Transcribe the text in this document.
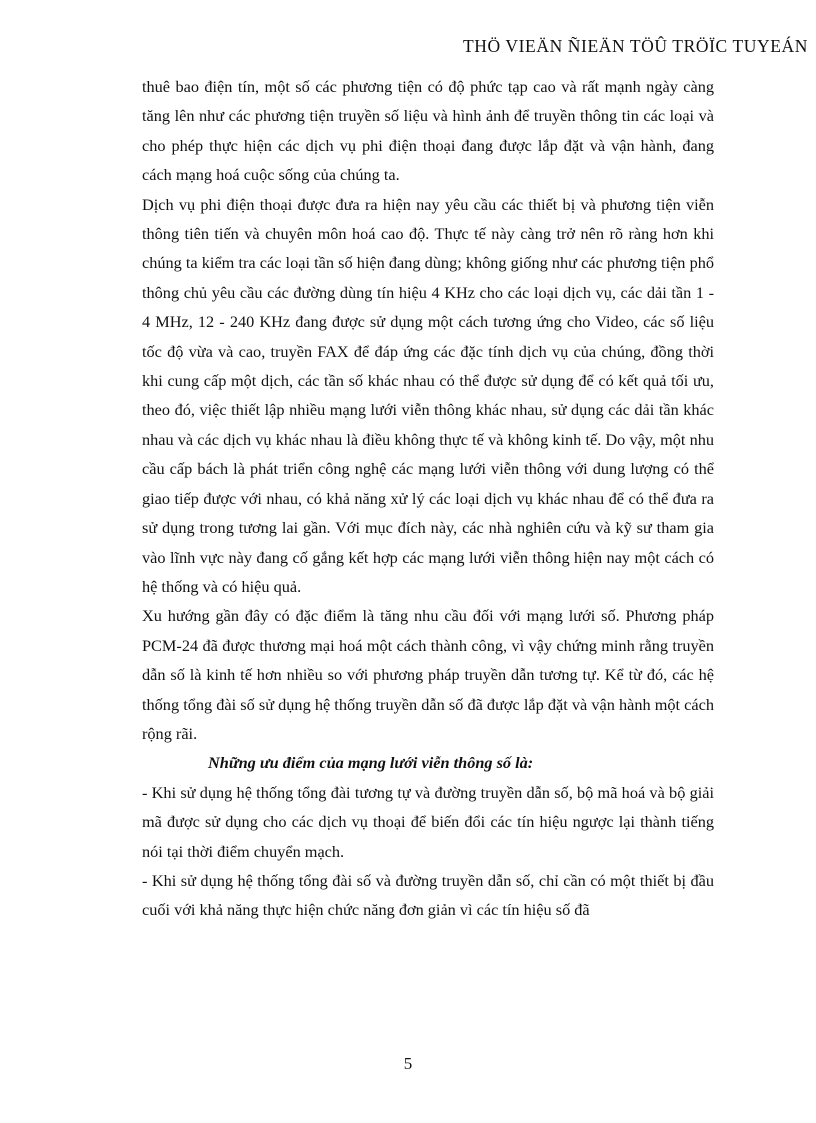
THÖ VIEÄN ÑIEÄN TÖÛ TRÖÏC TUYEÁN

thuê bao điện tín, một số các phương tiện có độ phức tạp cao và rất mạnh ngày càng tăng lên như các phương tiện truyền số liệu và hình ảnh để truyền thông tin các loại và cho phép thực hiện các dịch vụ phi điện thoại đang được lắp đặt và vận hành, đang cách mạng hoá cuộc sống của chúng ta.

Dịch vụ phi điện thoại được đưa ra hiện nay yêu cầu các thiết bị và phương tiện viễn thông tiên tiến và chuyên môn hoá cao độ. Thực tế này càng trở nên rõ ràng hơn khi chúng ta kiểm tra các loại tần số hiện đang dùng; không giống như các phương tiện phổ thông chủ yêu cầu các đường dùng tín hiệu 4 KHz cho các loại dịch vụ, các dải tần 1 - 4 MHz, 12 - 240 KHz đang được sử dụng một cách tương ứng cho Video, các số liệu tốc độ vừa và cao, truyền FAX để đáp ứng các đặc tính dịch vụ của chúng, đồng thời khi cung cấp một dịch, các tần số khác nhau có thể được sử dụng để có kết quả tối ưu, theo đó, việc thiết lập nhiều mạng lưới viễn thông khác nhau, sử dụng các dải tần khác nhau và các dịch vụ khác nhau là điều không thực tế và không kinh tế. Do vậy, một nhu cầu cấp bách là phát triển công nghệ các mạng lưới viễn thông với dung lượng có thể giao tiếp được với nhau, có khả năng xử lý các loại dịch vụ khác nhau để có thể đưa ra sử dụng trong tương lai gần. Với mục đích này, các nhà nghiên cứu và kỹ sư tham gia vào lĩnh vực này đang cố gắng kết hợp các mạng lưới viễn thông hiện nay một cách có hệ thống và có hiệu quả.

Xu hướng gần đây có đặc điểm là tăng nhu cầu đối với mạng lưới số. Phương pháp PCM-24 đã được thương mại hoá một cách thành công, vì vậy chứng minh rằng truyền dẫn số là kinh tế hơn nhiều so với phương pháp truyền dẫn tương tự. Kể từ đó, các hệ thống tổng đài số sử dụng hệ thống truyền dẫn số đã được lắp đặt và vận hành một cách rộng rãi.

Những ưu điểm của mạng lưới viễn thông số là:

- Khi sử dụng hệ thống tổng đài tương tự và đường truyền dẫn số, bộ mã hoá và bộ giải mã được sử dụng cho các dịch vụ thoại để biến đổi các tín hiệu ngược lại thành tiếng nói tại thời điểm chuyển mạch.

- Khi sử dụng hệ thống tổng đài số và đường truyền dẫn số, chỉ cần có một thiết bị đầu cuối với khả năng thực hiện chức năng đơn giản vì các tín hiệu số đã

5
